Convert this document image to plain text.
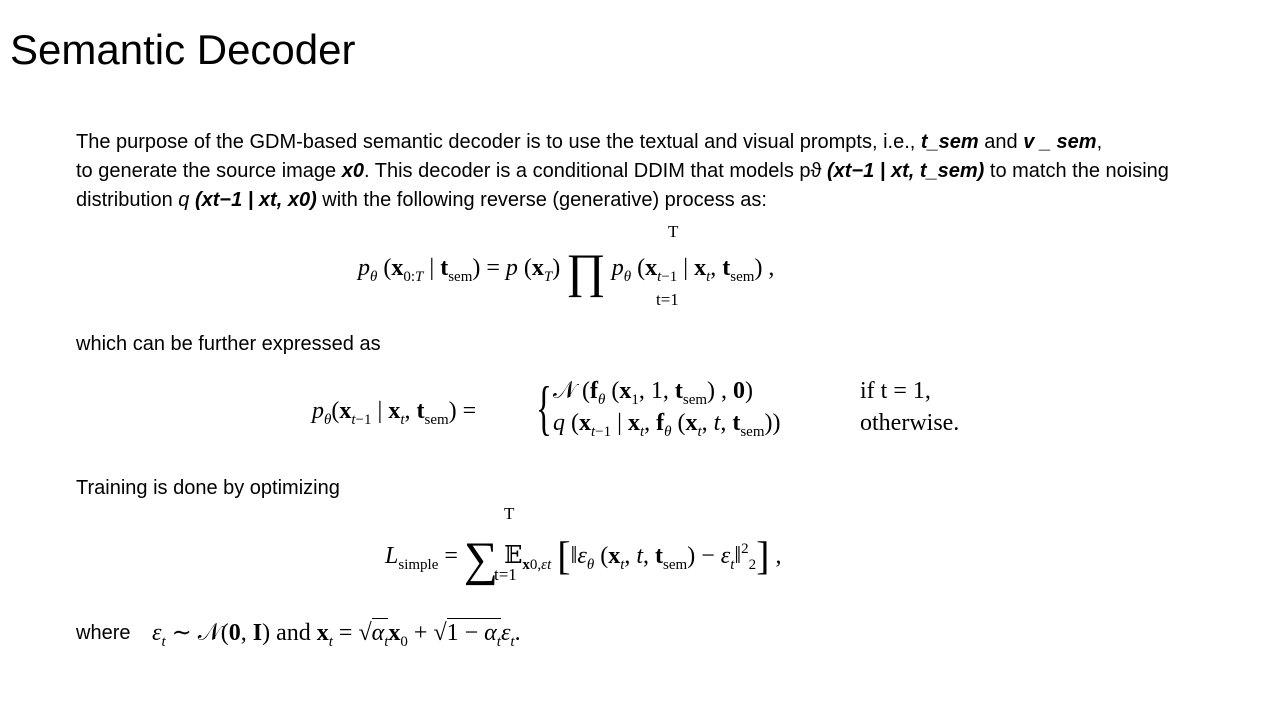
Semantic Decoder

The purpose of the GDM-based semantic decoder is to use the textual and visual prompts, i.e., t_sem and v _ sem,
to generate the source image x0. This decoder is a conditional DDIM that models pϑ (xt−1 | xt, t_sem) to match the noising distribution q (xt−1 | xt, x0) with the following reverse (generative) process as:

$p_\theta$ ($x_{0:T}$ | $t_{sem}) = p$ $(x_T)$ ∏ $p_\theta$ ($x_{t-1}$ | $x_t$, $t_{sem}$) ,
T
t=1

which can be further expressed as

$p_\theta(x_{t-1}$ | $x_t$, $t_{sem}$) = { 𝒩 ($f_\theta$ ($x_1$, 1, $t_{sem}$) , 0)
q ($x_{t-1}$ | $x_t$, $f_\theta$ ($x_t$, t, $t_{sem}$))
if t = 1,
otherwise.

Training is done by optimizing

$L_{simple}$ = ∑ 𝔼$_{x0,\varepsilon t}$ [$‖\varepsilon_\theta$ ($x_t$, t, $t_{sem}$) − $\varepsilon_t‖^2_2$] ,
T
t=1

where $\varepsilon_t$ ∼ 𝒩(0, I) and $x_t = √\alpha_tx_0 + √1 - \alpha_t\varepsilon_t$.
